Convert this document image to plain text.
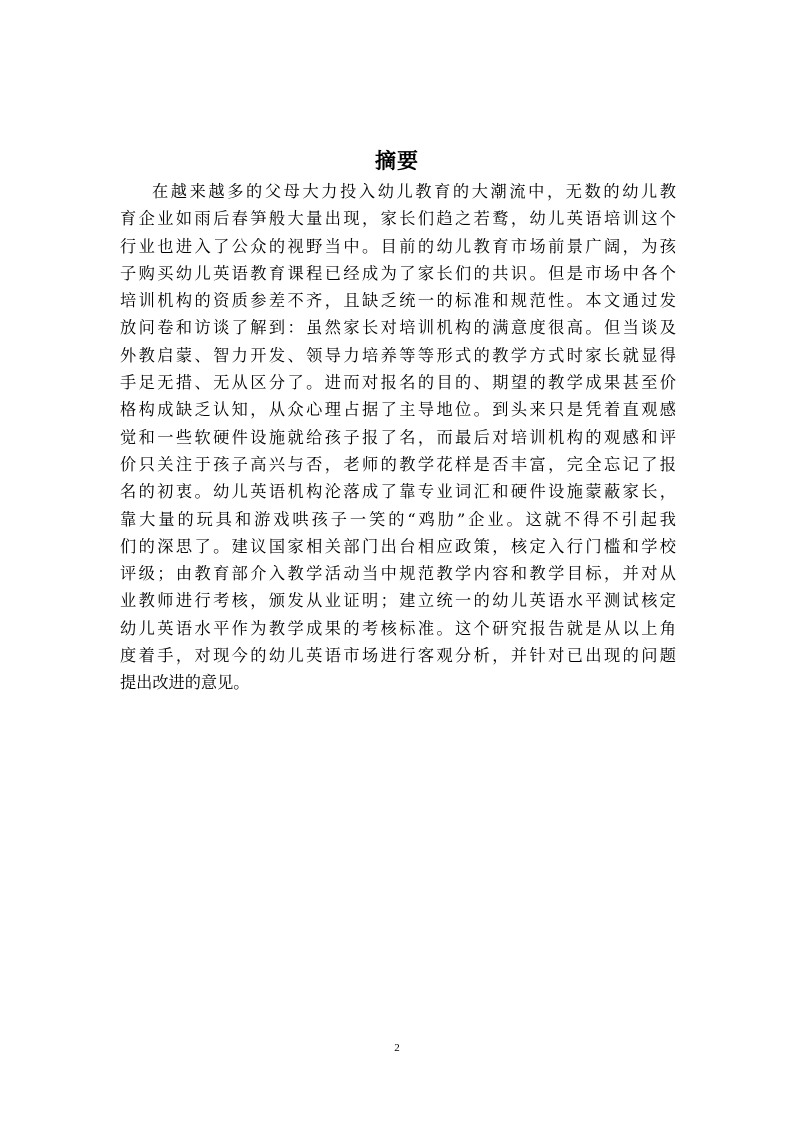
摘要
在越来越多的父母大力投入幼儿教育的大潮流中，无数的幼儿教
育企业如雨后春笋般大量出现，家长们趋之若鹜，幼儿英语培训这个
行业也进入了公众的视野当中。目前的幼儿教育市场前景广阔，为孩
子购买幼儿英语教育课程已经成为了家长们的共识。但是市场中各个
培训机构的资质参差不齐，且缺乏统一的标准和规范性。本文通过发
放问卷和访谈了解到：虽然家长对培训机构的满意度很高。但当谈及
外教启蒙、智力开发、领导力培养等等形式的教学方式时家长就显得
手足无措、无从区分了。进而对报名的目的、期望的教学成果甚至价
格构成缺乏认知，从众心理占据了主导地位。到头来只是凭着直观感
觉和一些软硬件设施就给孩子报了名，而最后对培训机构的观感和评
价只关注于孩子高兴与否，老师的教学花样是否丰富，完全忘记了报
名的初衷。幼儿英语机构沦落成了靠专业词汇和硬件设施蒙蔽家长，
靠大量的玩具和游戏哄孩子一笑的“鸡肋”企业。这就不得不引起我
们的深思了。建议国家相关部门出台相应政策，核定入行门槛和学校
评级；由教育部介入教学活动当中规范教学内容和教学目标，并对从
业教师进行考核，颁发从业证明；建立统一的幼儿英语水平测试核定
幼儿英语水平作为教学成果的考核标准。这个研究报告就是从以上角
度着手，对现今的幼儿英语市场进行客观分析，并针对已出现的问题
提出改进的意见。
2
